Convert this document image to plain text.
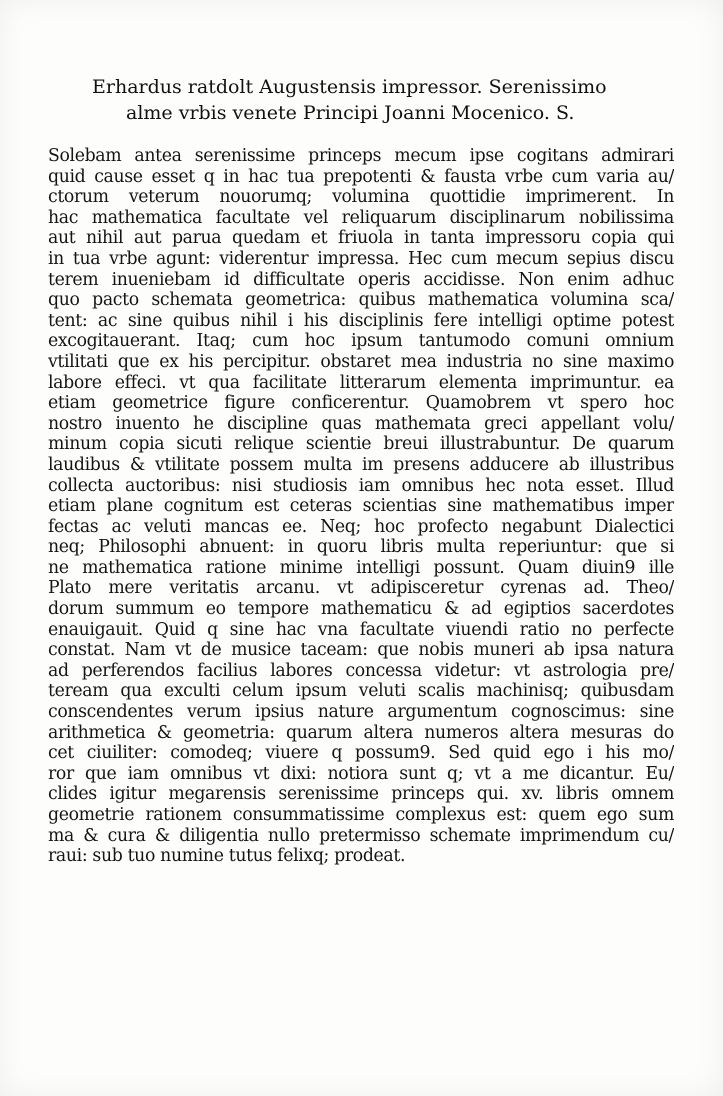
Erhardus ratdolt Augustensis impressor. Serenissimo
alme vrbis venete Principi Joanni Mocenico. S.
Solebam antea serenissime princeps mecum ipse cogitans admirari
quid cause esset q in hac tua prepotenti & fausta vrbe cum varia au/
ctorum veterum nouorumq; volumina quottidie imprimerent. In
hac mathematica facultate vel reliquarum disciplinarum nobilissima
aut nihil aut parua quedam et friuola in tanta impressoru copia qui
in tua vrbe agunt: viderentur impressa. Hec cum mecum sepius discu
terem inueniebam id difficultate operis accidisse. Non enim adhuc
quo pacto schemata geometrica: quibus mathematica volumina sca/
tent: ac sine quibus nihil i his disciplinis fere intelligi optime potest
excogitauerant. Itaq; cum hoc ipsum tantumodo comuni omnium
vtilitati que ex his percipitur. obstaret mea industria no sine maximo
labore effeci. vt qua facilitate litterarum elementa imprimuntur. ea
etiam geometrice figure conficerentur. Quamobrem vt spero hoc
nostro inuento he discipline quas mathemata greci appellant volu/
minum copia sicuti relique scientie breui illustrabuntur. De quarum
laudibus & vtilitate possem multa im presens adducere ab illustribus
collecta auctoribus: nisi studiosis iam omnibus hec nota esset. Illud
etiam plane cognitum est ceteras scientias sine mathematibus imper
fectas ac veluti mancas ee. Neq; hoc profecto negabunt Dialectici
neq; Philosophi abnuent: in quoru libris multa reperiuntur: que si
ne mathematica ratione minime intelligi possunt. Quam diuin9 ille
Plato mere veritatis arcanu. vt adipisceretur cyrenas ad. Theo/
dorum summum eo tempore mathematicu & ad egiptios sacerdotes
enauigauit. Quid q sine hac vna facultate viuendi ratio no perfecte
constat. Nam vt de musice taceam: que nobis muneri ab ipsa natura
ad perferendos facilius labores concessa videtur: vt astrologia pre/
teream qua exculti celum ipsum veluti scalis machinisq; quibusdam
conscendentes verum ipsius nature argumentum cognoscimus: sine
arithmetica & geometria: quarum altera numeros altera mesuras do
cet ciuiliter: comodeq; viuere q possum9. Sed quid ego i his mo/
ror que iam omnibus vt dixi: notiora sunt q; vt a me dicantur. Eu/
clides igitur megarensis serenissime princeps qui. xv. libris omnem
geometrie rationem consummatissime complexus est: quem ego sum
ma & cura & diligentia nullo pretermisso schemate imprimendum cu/
raui: sub tuo numine tutus felixq; prodeat.
